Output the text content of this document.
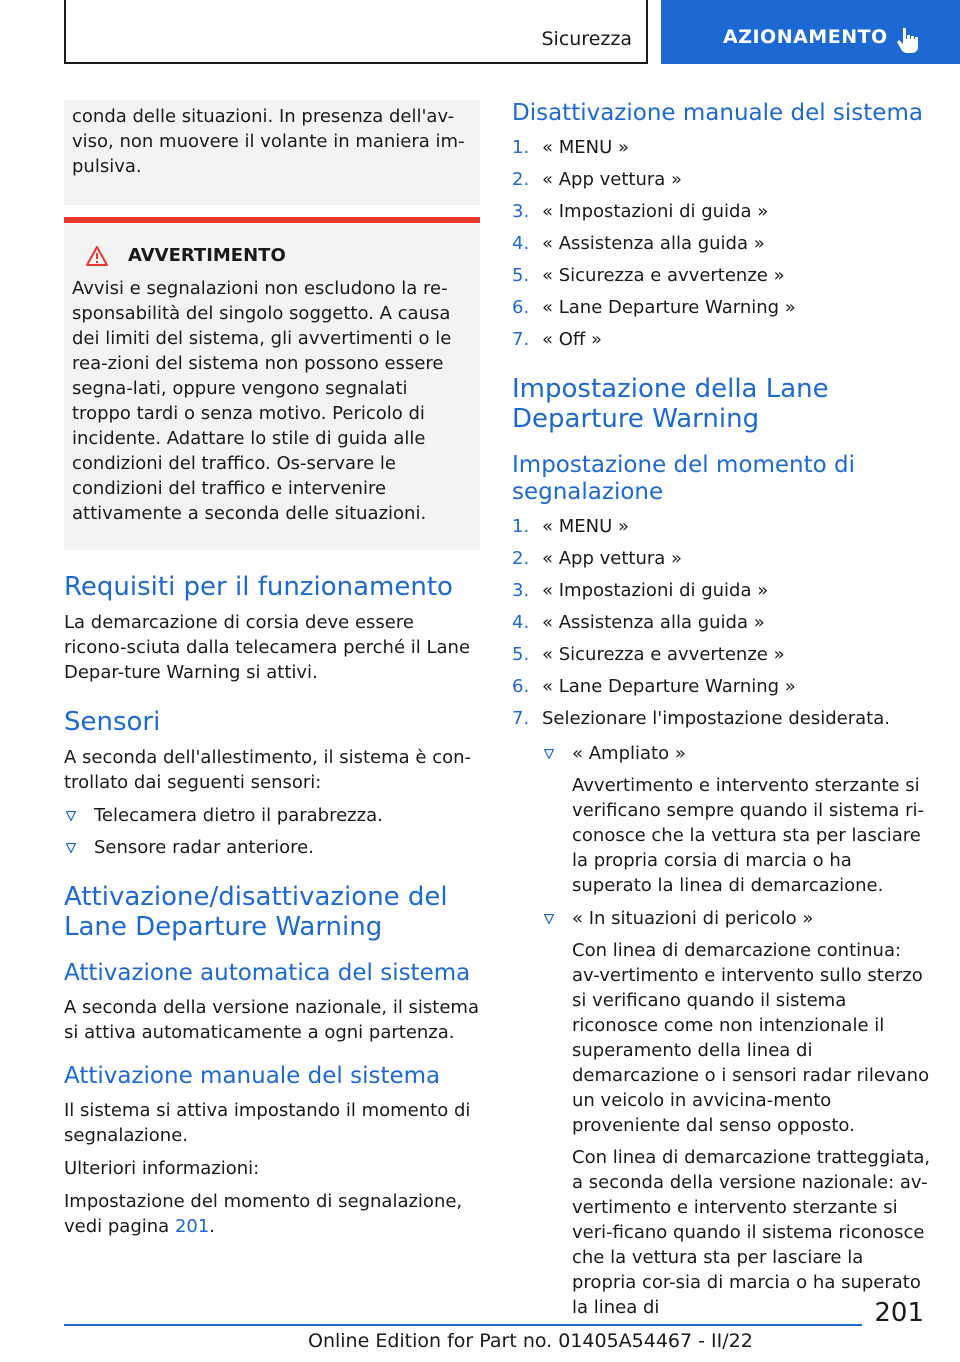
Sicurezza	AZIONAMENTO

conda delle situazioni. In presenza dell'av-viso, non muovere il volante in maniera im-pulsiva.

AVVERTIMENTO

Avvisi e segnalazioni non escludono la re-sponsabilità del singolo soggetto. A causa dei limiti del sistema, gli avvertimenti o le rea-zioni del sistema non possono essere segna-lati, oppure vengono segnalati troppo tardi o senza motivo. Pericolo di incidente. Adattare lo stile di guida alle condizioni del traffico. Os-servare le condizioni del traffico e intervenire attivamente a seconda delle situazioni.

Requisiti per il funzionamento

La demarcazione di corsia deve essere ricono-sciuta dalla telecamera perché il Lane Depar-ture Warning si attivi.

Sensori

A seconda dell'allestimento, il sistema è con-trollato dai seguenti sensori:

Telecamera dietro il parabrezza.
Sensore radar anteriore.
Attivazione/disattivazione del Lane Departure Warning
Attivazione automatica del sistema

A seconda della versione nazionale, il sistema si attiva automaticamente a ogni partenza.

Attivazione manuale del sistema

Il sistema si attiva impostando il momento di segnalazione.

Ulteriori informazioni:

Impostazione del momento di segnalazione, vedi pagina 201.

Disattivazione manuale del sistema
1. « MENU »
2. « App vettura »
3. « Impostazioni di guida »
4. « Assistenza alla guida »
5. « Sicurezza e avvertenze »
6. « Lane Departure Warning »
7. « Off »
Impostazione della Lane Departure Warning
Impostazione del momento di segnalazione
1. « MENU »
2. « App vettura »
3. « Impostazioni di guida »
4. « Assistenza alla guida »
5. « Sicurezza e avvertenze »
6. « Lane Departure Warning »
7. Selezionare l'impostazione desiderata.
« Ampliato »

Avvertimento e intervento sterzante si verificano sempre quando il sistema ri-conosce che la vettura sta per lasciare la propria corsia di marcia o ha superato la linea di demarcazione.

« In situazioni di pericolo »

Con linea di demarcazione continua: av-vertimento e intervento sullo sterzo si verificano quando il sistema riconosce come non intenzionale il superamento della linea di demarcazione o i sensori radar rilevano un veicolo in avvicina-mento proveniente dal senso opposto.

Con linea di demarcazione tratteggiata, a seconda della versione nazionale: av-vertimento e intervento sterzante si veri-ficano quando il sistema riconosce che la vettura sta per lasciare la propria cor-sia di marcia o ha superato la linea di	201
Online Edition for Part no. 01405A54467 - II/22
